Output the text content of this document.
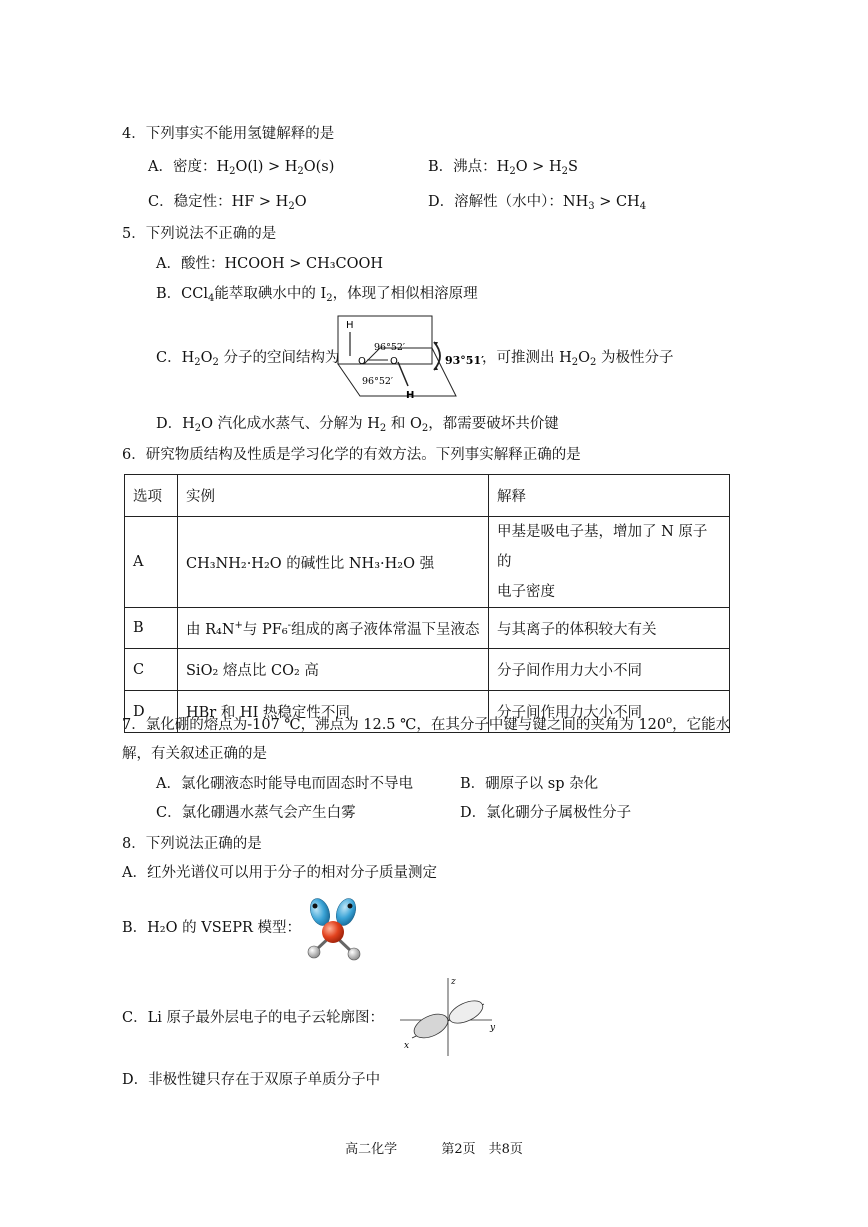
4．下列事实不能用氢键解释的是
A．密度：$H_2O(l) > H_2O(s)$	B．沸点：$H_2O > H_2S$
C．稳定性：HF > $H_2O$	D．溶解性（水中）：$NH_3 > CH_4$
5．下列说法不正确的是
A．酸性：HCOOH > CH₃COOH
B．CCl$_4$能萃取碘水中的 $I_2$，体现了相似相溶原理
C．$H_2O_2$ 分子的空间结构为	，可推测出 $H_2O_2$ 为极性分子
H
O O
H
96°52′
96°52′
93°51′
D．$H_2O$ 汽化成水蒸气、分解为 $H_2$ 和 $O_2$，都需要破坏共价键
6．研究物质结构及性质是学习化学的有效方法。下列事实解释正确的是
选项	实例	解释
A	CH₃NH₂·H₂O 的碱性比 NH₃·H₂O 强	甲基是吸电子基，增加了 N 原子的
电子密度

B	由 R₄N+与 PF₆-组成的离子液体常温下呈液态	与其离子的体积较大有关
C	SiO₂ 熔点比 CO₂ 高	分子间作用力大小不同
D	HBr 和 HI 热稳定性不同	分子间作用力大小不同
7．氯化硼的熔点为-107 ℃，沸点为 12.5 ℃，在其分子中键与键之间的夹角为 120$^o$，它能水
解，有关叙述正确的是
A．氯化硼液态时能导电而固态时不导电	B．硼原子以 sp 杂化
C．氯化硼遇水蒸气会产生白雾	D．氯化硼分子属极性分子
8．下列说法正确的是
A．红外光谱仪可以用于分子的相对分子质量测定
B．H₂O 的 VSEPR 模型：
C．Li 原子最外层电子的电子云轮廓图：
z
y
x
D．非极性键只存在于双原子单质分子中
高二化学	第2页　共8页
